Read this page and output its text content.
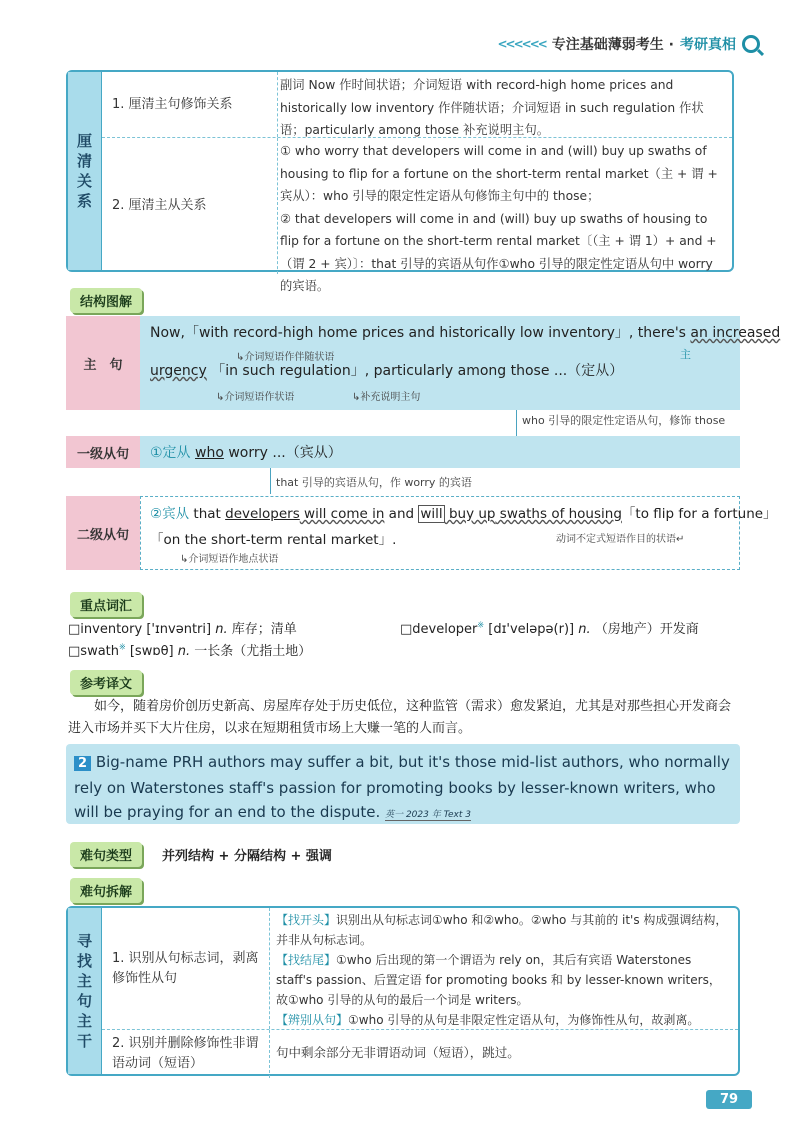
<<<<<< 专注基础薄弱考生 · 考研真相
厘
清
关
系
1. 厘清主句修饰关系
副词 Now 作时间状语；介词短语 with record-high home prices and historically low inventory 作伴随状语；介词短语 in such regulation 作状语；particularly among those 补充说明主句。
2. 厘清主从关系
① who worry that developers will come in and (will) buy up swaths of housing to flip for a fortune on the short-term rental market（主 + 谓 + 宾从）：who 引导的限定性定语从句修饰主句中的 those；
② that developers will come in and (will) buy up swaths of housing to flip for a fortune on the short-term rental market〔（主 + 谓 1）+ and +（谓 2 + 宾）〕：that 引导的宾语从句作①who 引导的限定性定语从句中 worry 的宾语。
结构图解
主　句
Now,「with record-high home prices and historically low inventory」, there's an increased
主
↳介词短语作伴随状语
urgency 「in such regulation」, particularly among those ...（定从）
↳介词短语作状语	↳补充说明主句
who 引导的限定性定语从句，修饰 those
一级从句	①定从 who worry ...（宾从）
that 引导的宾语从句，作 worry 的宾语
二级从句
②宾从 that developers will come in and will buy up swaths of housing「to flip for a fortune」
「on the short-term rental market」.	动词不定式短语作目的状语↵
↳介词短语作地点状语
重点词汇
□inventory ['ɪnvəntri] n. 库存；清单	□developer※ [dɪ'veləpə(r)] n. （房地产）开发商
□swath※ [swɒθ] n. 一长条（尤指土地）
参考译文
如今，随着房价创历史新高、房屋库存处于历史低位，这种监管（需求）愈发紧迫，尤其是对那些担心开发商会进入市场并买下大片住房，以求在短期租赁市场上大赚一笔的人而言。
2 Big-name PRH authors may suffer a bit, but it's those mid-list authors, who normally rely on Waterstones staff's passion for promoting books by lesser-known writers, who will be praying for an end to the dispute. 英一 2023 年 Text 3
难句类型	并列结构 + 分隔结构 + 强调
难句拆解
寻
找
主
句
主
干
1. 识别从句标志词，剥离修饰性从句
【找开头】识别出从句标志词①who 和②who。②who 与其前的 it's 构成强调结构，并非从句标志词。
【找结尾】①who 后出现的第一个谓语为 rely on，其后有宾语 Waterstones staff's passion、后置定语 for promoting books 和 by lesser-known writers，故①who 引导的从句的最后一个词是 writers。
【辨别从句】①who 引导的从句是非限定性定语从句，为修饰性从句，故剥离。
2. 识别并删除修饰性非谓语动词（短语）
句中剩余部分无非谓语动词（短语），跳过。
79
